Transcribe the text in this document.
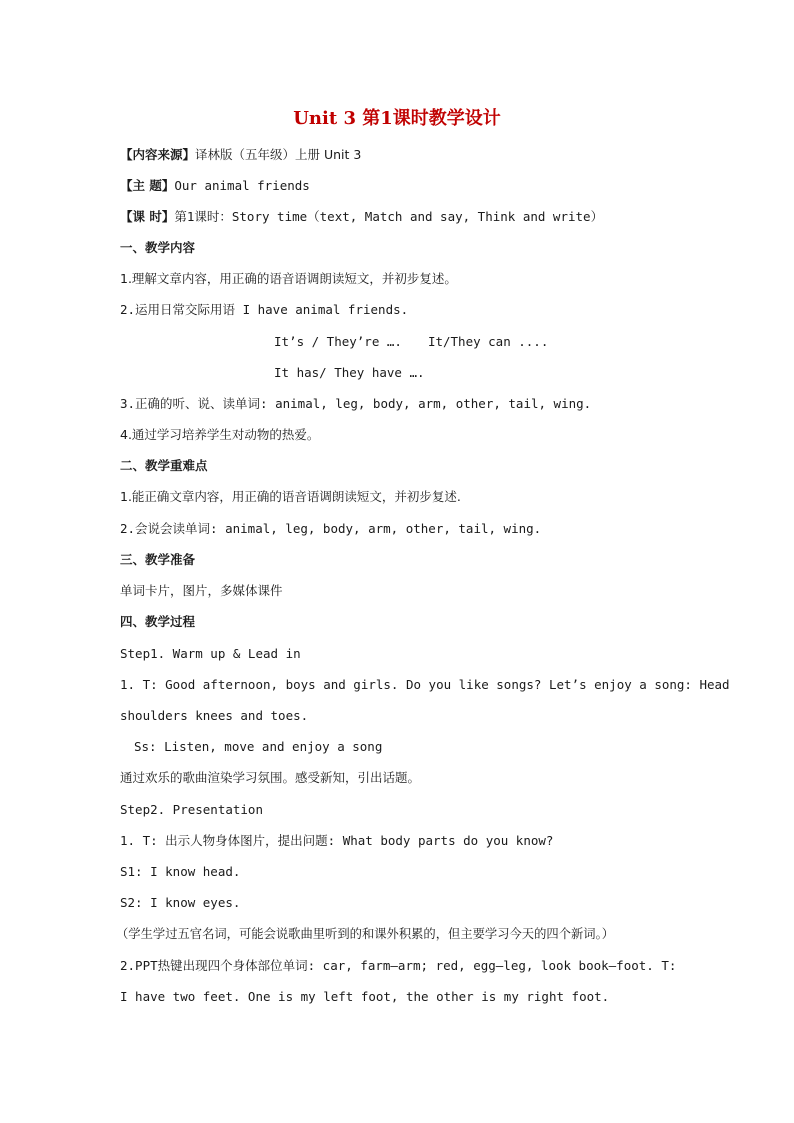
Unit 3 第1课时教学设计
【内容来源】译林版（五年级）上册 Unit 3
【主 题】Our animal friends
【课 时】第1课时：Story time（text, Match and say, Think and write）
一、教学内容
1.理解文章内容，用正确的语音语调朗读短文，并初步复述。
2.运用日常交际用语 I have animal friends.
It’s / They’re …. It/They can ....
It has/ They have ….
3.正确的听、说、读单词: animal, leg, body, arm, other, tail, wing.
4.通过学习培养学生对动物的热爱。
二、教学重难点
1.能正确文章内容，用正确的语音语调朗读短文，并初步复述.
2.会说会读单词: animal, leg, body, arm, other, tail, wing.
三、教学准备
单词卡片，图片，多媒体课件
四、教学过程
Step1. Warm up & Lead in
1. T: Good afternoon, boys and girls. Do you like songs? Let’s enjoy a song: Head
shoulders knees and toes.
Ss: Listen, move and enjoy a song
通过欢乐的歌曲渲染学习氛围。感受新知，引出话题。
Step2. Presentation
1. T: 出示人物身体图片，提出问题: What body parts do you know?
S1: I know head.
S2: I know eyes.
（学生学过五官名词，可能会说歌曲里听到的和课外积累的，但主要学习今天的四个新词。）
2.PPT热键出现四个身体部位单词: car, farm—arm; red, egg—leg, look book—foot. T:
I have two feet. One is my left foot, the other is my right foot.
